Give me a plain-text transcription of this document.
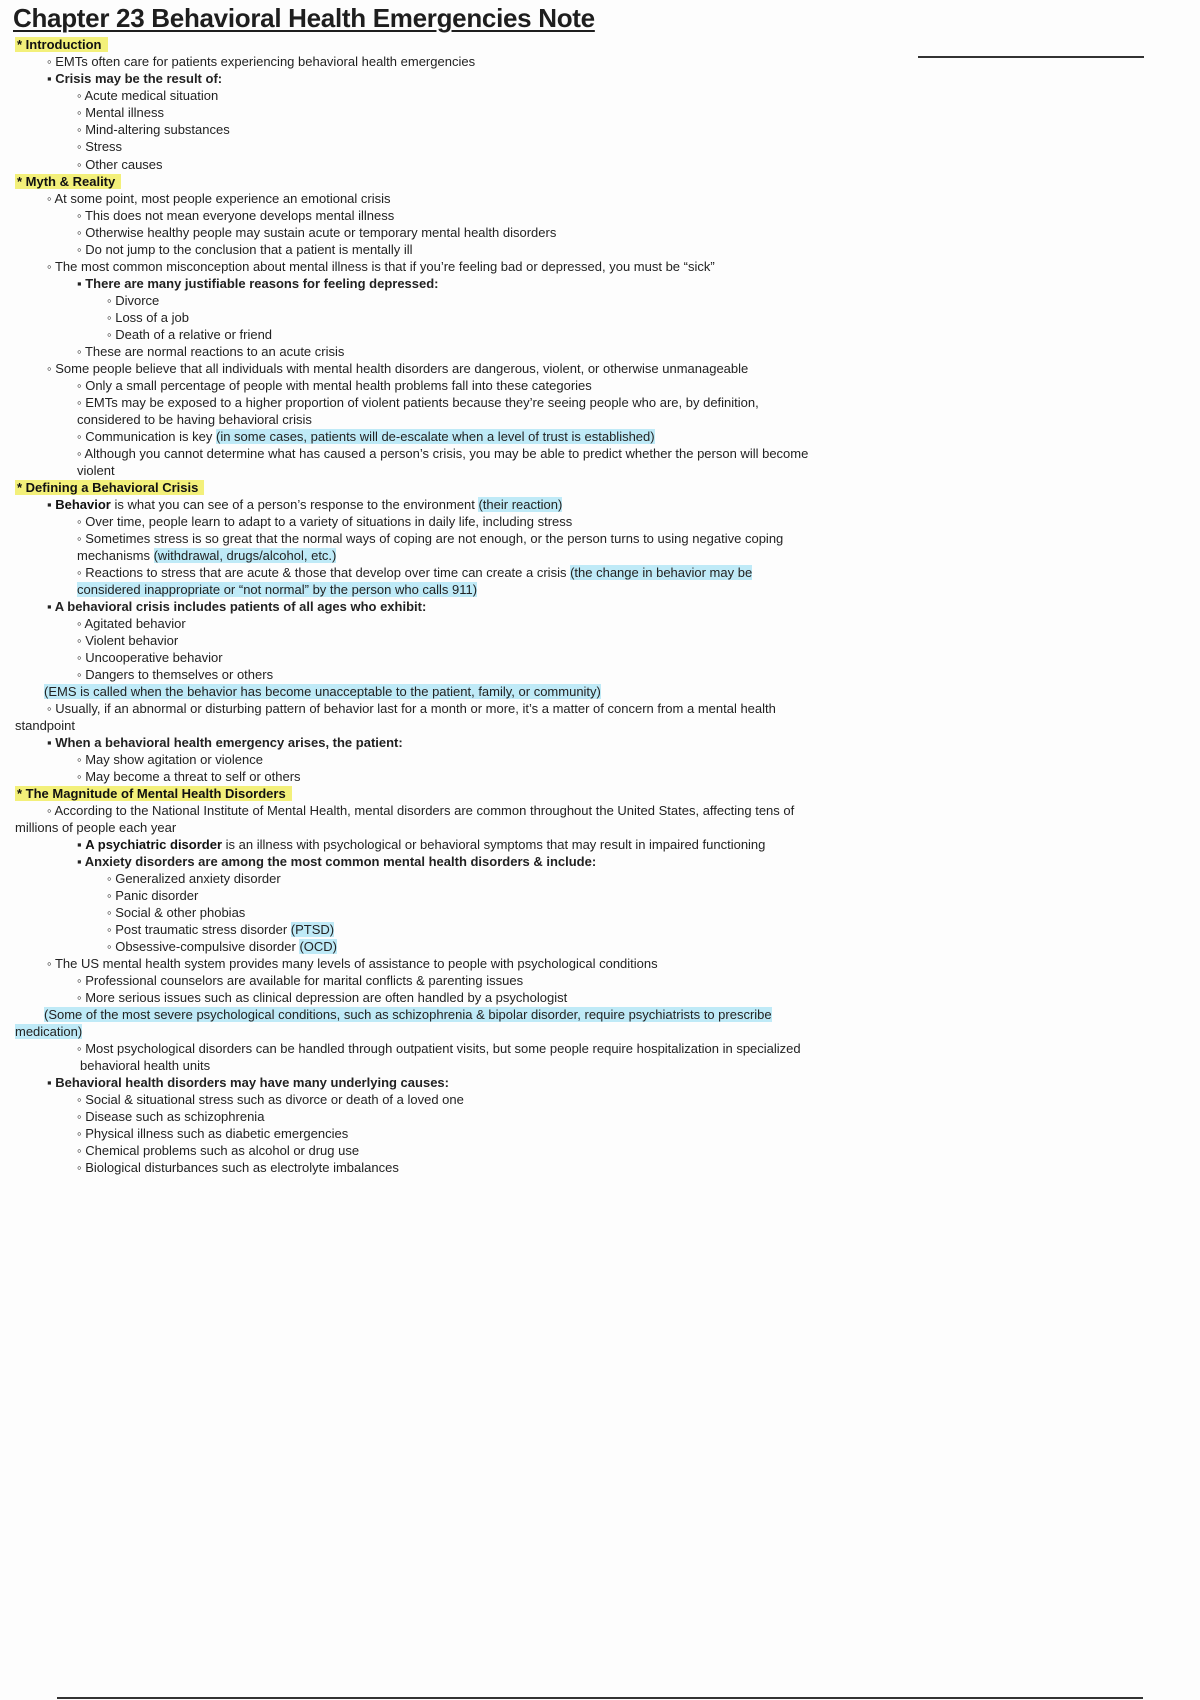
Chapter 23 Behavioral Health Emergencies Note

* Introduction

◦ EMTs often care for patients experiencing behavioral health emergencies

▪ Crisis may be the result of:

◦ Acute medical situation

◦ Mental illness

◦ Mind-altering substances

◦ Stress

◦ Other causes

* Myth & Reality

◦ At some point, most people experience an emotional crisis

◦ This does not mean everyone develops mental illness

◦ Otherwise healthy people may sustain acute or temporary mental health disorders

◦ Do not jump to the conclusion that a patient is mentally ill

◦ The most common misconception about mental illness is that if you’re feeling bad or depressed, you must be “sick”

▪ There are many justifiable reasons for feeling depressed:

◦ Divorce

◦ Loss of a job

◦ Death of a relative or friend

◦ These are normal reactions to an acute crisis

◦ Some people believe that all individuals with mental health disorders are dangerous, violent, or otherwise unmanageable

◦ Only a small percentage of people with mental health problems fall into these categories

◦ EMTs may be exposed to a higher proportion of violent patients because they’re seeing people who are, by definition,

considered to be having behavioral crisis

◦ Communication is key (in some cases, patients will de-escalate when a level of trust is established)

◦ Although you cannot determine what has caused a person’s crisis, you may be able to predict whether the person will become

violent

* Defining a Behavioral Crisis

▪ Behavior is what you can see of a person’s response to the environment (their reaction)

◦ Over time, people learn to adapt to a variety of situations in daily life, including stress

◦ Sometimes stress is so great that the normal ways of coping are not enough, or the person turns to using negative coping

mechanisms (withdrawal, drugs/alcohol, etc.)

◦ Reactions to stress that are acute & those that develop over time can create a crisis (the change in behavior may be

considered inappropriate or “not normal” by the person who calls 911)

▪ A behavioral crisis includes patients of all ages who exhibit:

◦ Agitated behavior

◦ Violent behavior

◦ Uncooperative behavior

◦ Dangers to themselves or others

(EMS is called when the behavior has become unacceptable to the patient, family, or community)

◦ Usually, if an abnormal or disturbing pattern of behavior last for a month or more, it’s a matter of concern from a mental health

standpoint

▪ When a behavioral health emergency arises, the patient:

◦ May show agitation or violence

◦ May become a threat to self or others

* The Magnitude of Mental Health Disorders

◦ According to the National Institute of Mental Health, mental disorders are common throughout the United States, affecting tens of

millions of people each year

▪ A psychiatric disorder is an illness with psychological or behavioral symptoms that may result in impaired functioning

▪ Anxiety disorders are among the most common mental health disorders & include:

◦ Generalized anxiety disorder

◦ Panic disorder

◦ Social & other phobias

◦ Post traumatic stress disorder (PTSD)

◦ Obsessive-compulsive disorder (OCD)

◦ The US mental health system provides many levels of assistance to people with psychological conditions

◦ Professional counselors are available for marital conflicts & parenting issues

◦ More serious issues such as clinical depression are often handled by a psychologist

(Some of the most severe psychological conditions, such as schizophrenia & bipolar disorder, require psychiatrists to prescribe

medication)

◦ Most psychological disorders can be handled through outpatient visits, but some people require hospitalization in specialized

behavioral health units

▪ Behavioral health disorders may have many underlying causes:

◦ Social & situational stress such as divorce or death of a loved one

◦ Disease such as schizophrenia

◦ Physical illness such as diabetic emergencies

◦ Chemical problems such as alcohol or drug use

◦ Biological disturbances such as electrolyte imbalances
